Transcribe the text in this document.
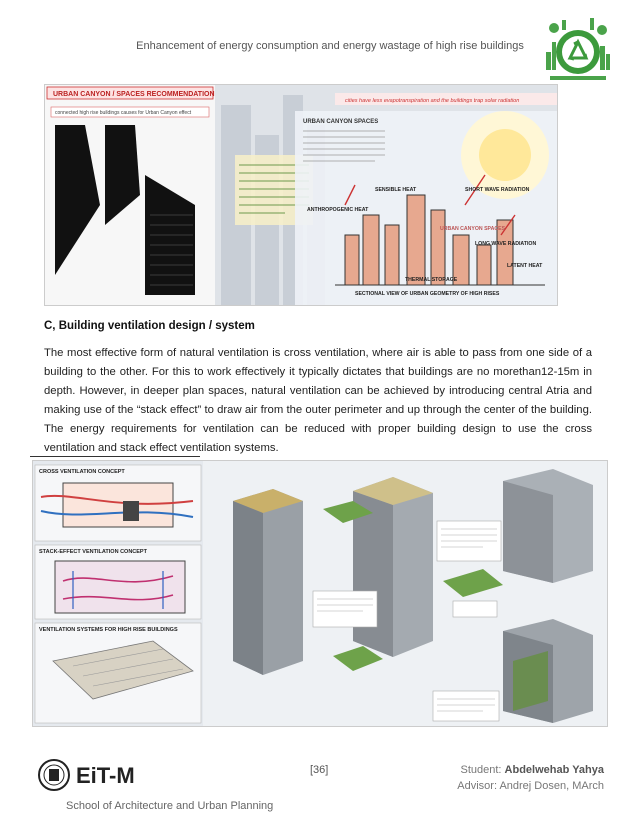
Enhancement of energy consumption and energy wastage of high rise buildings
URBAN CANYON / SPACES RECOMMENDATION
connected high rise buildings causes for Urban Canyon effect
cities have less evapotranspiration and the buildings trap solar radiation
URBAN CANYON SPACES
SENSIBLE HEAT	SHORT WAVE RADIATION
ANTHROPOGENIC HEAT
URBAN CANYON SPACES
LONG WAVE RADIATION
LATENT HEAT
THERMAL STORAGE
SECTIONAL VIEW OF URBAN GEOMETRY OF HIGH RISES
C, Building ventilation design / system
The most effective form of natural ventilation is cross ventilation, where air is able to pass from one side of a building to the other. For this to work effectively it typically dictates that buildings are no morethan12-15m in depth. However, in deeper plan spaces, natural ventilation can be achieved by introducing central Atria and making use of the “stack effect” to draw air from the outer perimeter and up through the center of the building. The energy requirements for ventilation can be reduced with proper building design to use the cross ventilation and stack effect ventilation systems.
CROSS VENTILATION CONCEPT
STACK-EFFECT VENTILATION CONCEPT
VENTILATION SYSTEMS FOR HIGH RISE BUILDINGS
EiT-M	[36]	Student: Abdelwehab Yahya
Advisor: Andrej Dosen, MArch
School of Architecture and Urban Planning
